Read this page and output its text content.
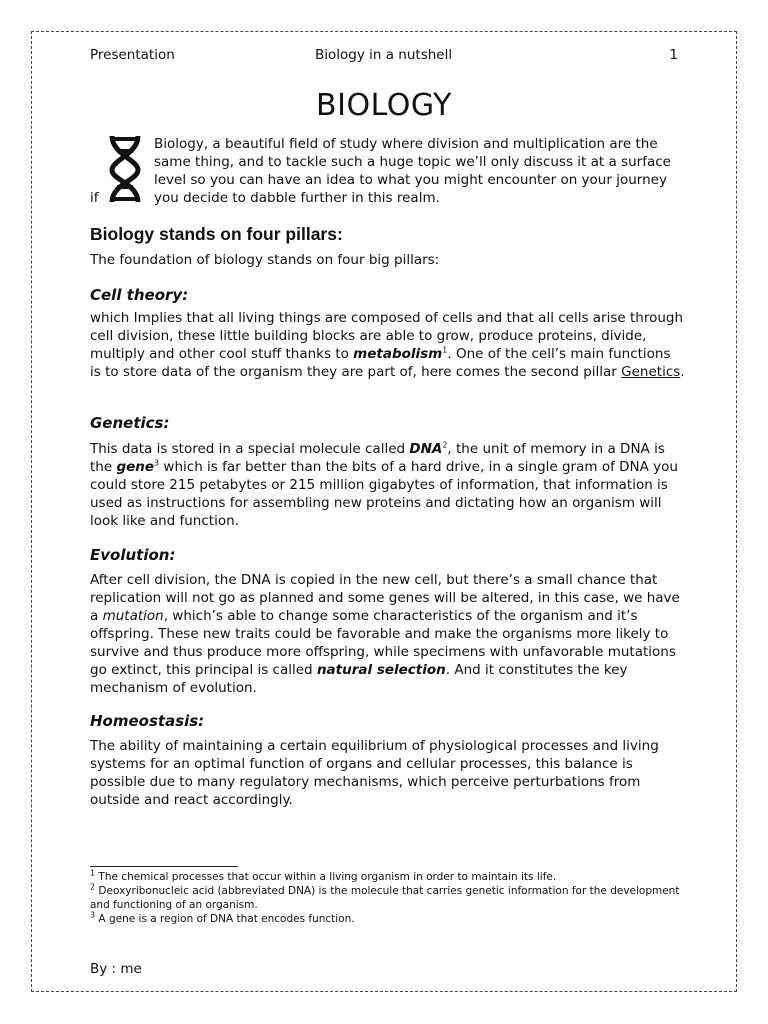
Presentation	Biology in a nutshell	1
BIOLOGY
Biology, a beautiful field of study where division and multiplication are the same thing, and to tackle such a huge topic we’ll only discuss it at a surface level so you can have an idea to what you might encounter on your journey
you decide to dabble further in this realm.
if
Biology stands on four pillars:
The foundation of biology stands on four big pillars:
Cell theory:
which Implies that all living things are composed of cells and that all cells arise through cell division, these little building blocks are able to grow, produce proteins, divide, multiply and other cool stuff thanks to metabolism$^1$. One of the cell’s main functions is to store data of the organism they are part of, here comes the second pillar Genetics.
Genetics:
This data is stored in a special molecule called DNA$^2$, the unit of memory in a DNA is the gene$^3$ which is far better than the bits of a hard drive, in a single gram of DNA you could store 215 petabytes or 215 million gigabytes of information, that information is used as instructions for assembling new proteins and dictating how an organism will look like and function.
Evolution:
After cell division, the DNA is copied in the new cell, but there’s a small chance that replication will not go as planned and some genes will be altered, in this case, we have a mutation, which’s able to change some characteristics of the organism and it’s offspring. These new traits could be favorable and make the organisms more likely to survive and thus produce more offspring, while specimens with unfavorable mutations go extinct, this principal is called natural selection. And it constitutes the key mechanism of evolution.
Homeostasis:
The ability of maintaining a certain equilibrium of physiological processes and living systems for an optimal function of organs and cellular processes, this balance is possible due to many regulatory mechanisms, which perceive perturbations from outside and react accordingly.
$^1$ The chemical processes that occur within a living organism in order to maintain its life.
$^2$ Deoxyribonucleic acid (abbreviated DNA) is the molecule that carries genetic information for the development and functioning of an organism.
$^3$ A gene is a region of DNA that encodes function.
By : me
